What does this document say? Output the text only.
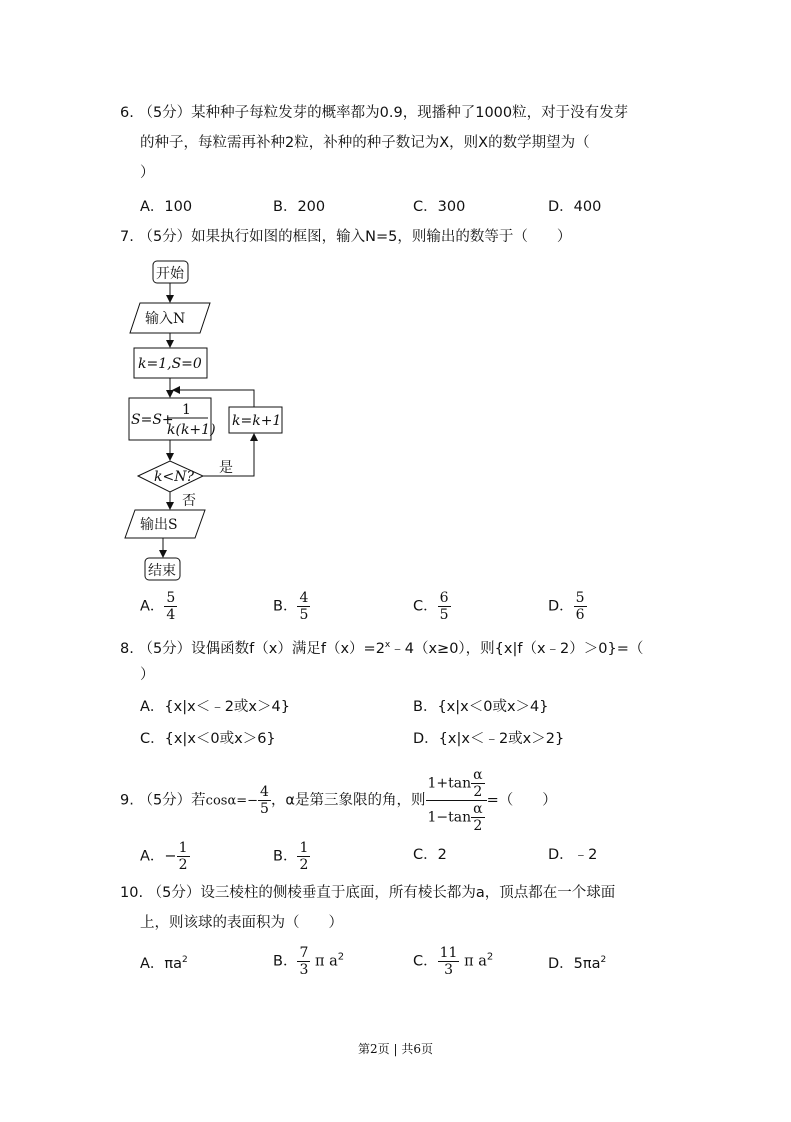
6. （5分）某种种子每粒发芽的概率都为0.9，现播种了1000粒，对于没有发芽
的种子，每粒需再补种2粒，补种的种子数记为X，则X的数学期望为（
）
A．100	B．200	C．300	D．400
7. （5分）如果执行如图的框图，输入N=5，则输出的数等于（　　）
开始
输入N
k=1,S=0
S=S+
1
k(k+1)
k=k+1
k<N?
是
否
输出S
结束
A． $\frac{5}{4}$	B． $\frac{4}{5}$	C． $\frac{6}{5}$	D． $\frac{5}{6}$
8. （5分）设偶函数f（x）满足$f(x)=2^x﹣4(x\ge 0)$，则{x|f（x﹣2）＞0}=（
）
A．{x|x＜﹣2或x＞4}	B．{x|x＜0或x＞4}
C．{x|x＜0或x＞6}	D．{x|x＜﹣2或x＞2}
9. （5分）若$\cos\alpha=- \frac{4}{5}$ ，α是第三象限的角，则 $\frac{1+\tan \frac{\alpha}{2}}{1-\tan \frac{\alpha}{2}}$ =（　　）
A．− $\frac{1}{2}$	B． $\frac{1}{2}$	C．2	D．﹣2
10. （5分）设三棱柱的侧棱垂直于底面，所有棱长都为a，顶点都在一个球面
上，则该球的表面积为（　　）
A．$\pi a^2$	B． $\frac{7}{3}$ π $a^2$	C． $\frac{11}{3}$ π $a^2$	D．$5\pi a^2$
第2页 | 共6页
